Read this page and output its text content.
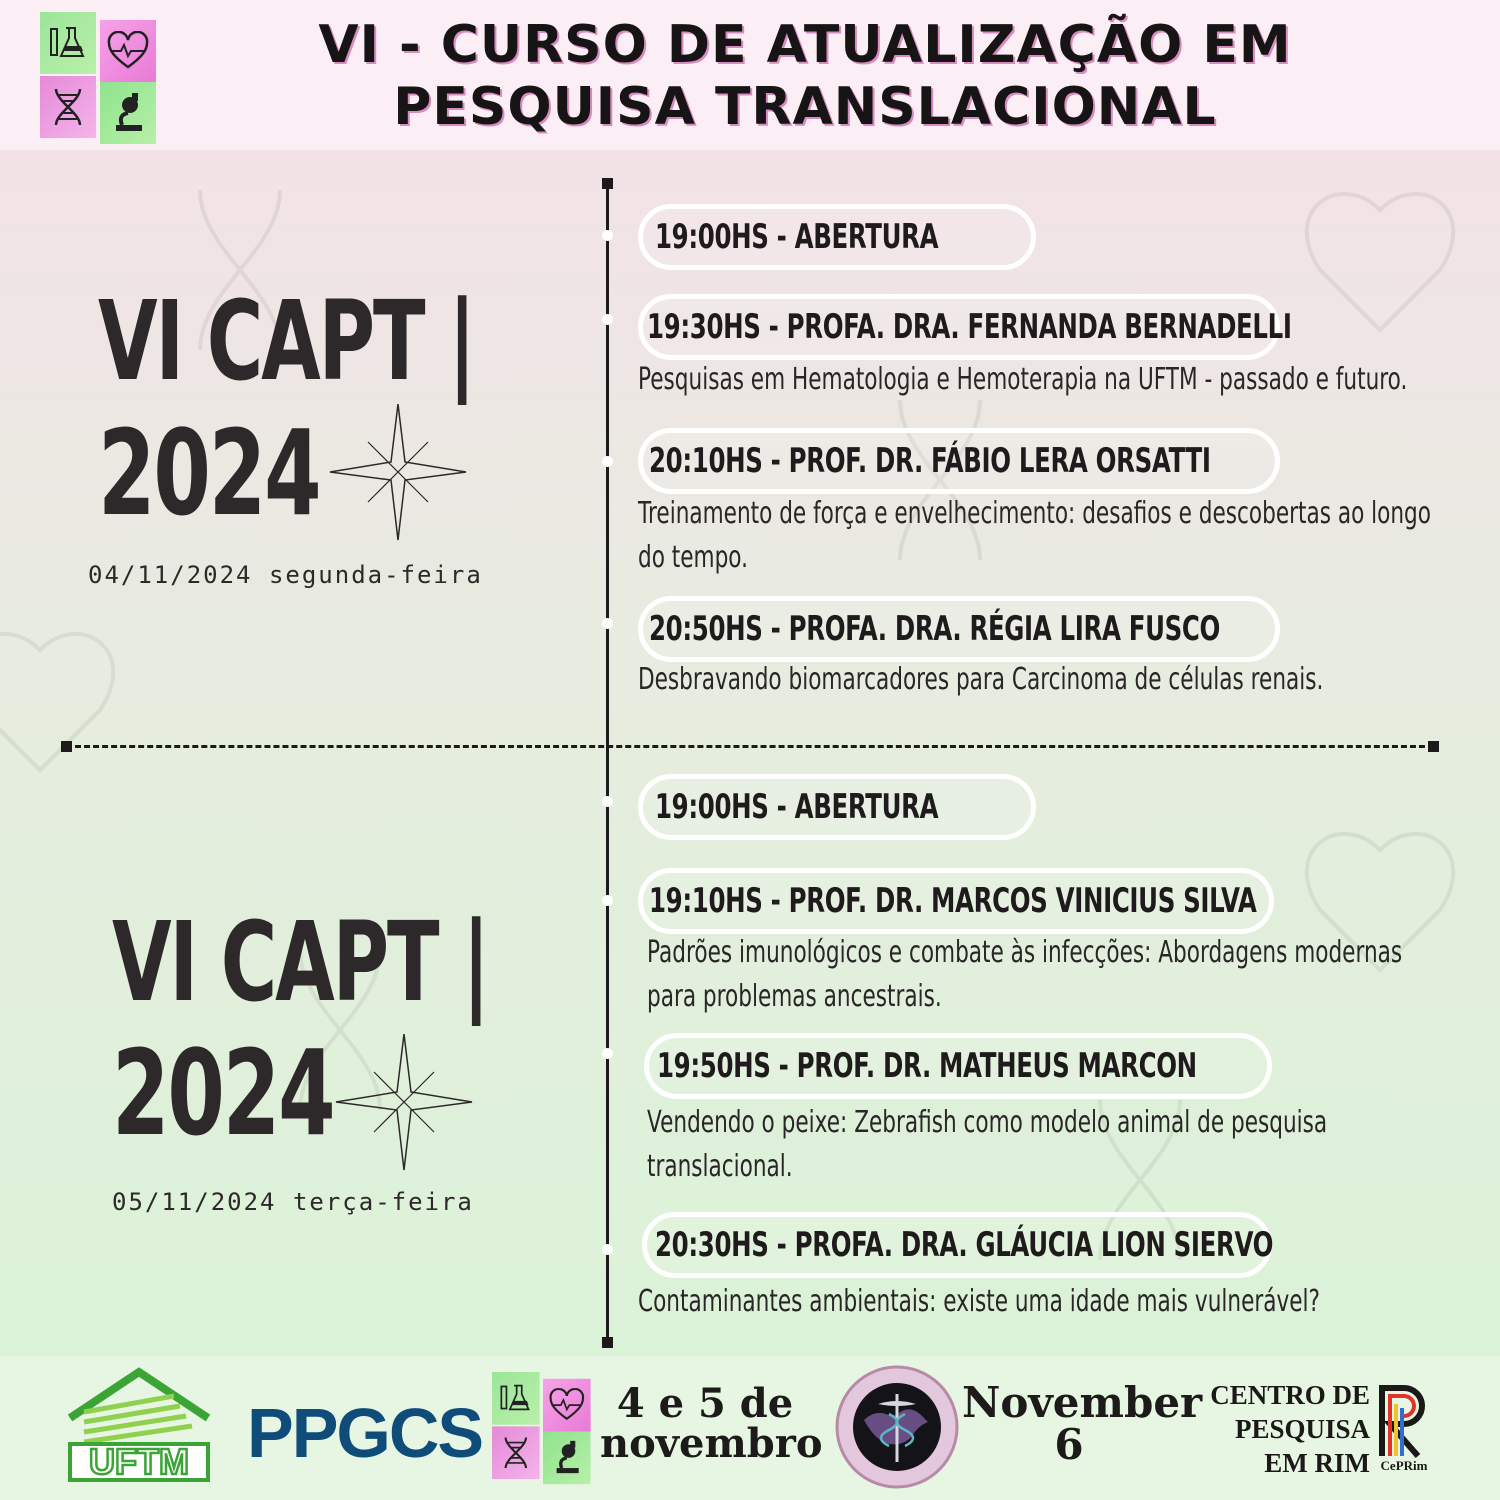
VI - CURSO DE ATUALIZAÇÃO EM
PESQUISA TRANSLACIONAL
VI CAPT |
2024
04/11/2024 segunda-feira
19:00HS - ABERTURA
19:30HS - PROFA. DRA. FERNANDA BERNADELLI
Pesquisas em Hematologia e Hemoterapia na UFTM - passado e futuro.
20:10HS - PROF. DR. FÁBIO LERA ORSATTI
Treinamento de força e envelhecimento: desafios e descobertas ao longo
do tempo.
20:50HS - PROFA. DRA. RÉGIA LIRA FUSCO
Desbravando biomarcadores para Carcinoma de células renais.
VI CAPT |
2024
05/11/2024 terça-feira
19:00HS - ABERTURA
19:10HS - PROF. DR. MARCOS VINICIUS SILVA
Padrões imunológicos e combate às infecções: Abordagens modernas
para problemas ancestrais.
19:50HS - PROF. DR. MATHEUS MARCON
Vendendo o peixe: Zebrafish como modelo animal de pesquisa
translacional.
20:30HS - PROFA. DRA. GLÁUCIA LION SIERVO
Contaminantes ambientais: existe uma idade mais vulnerável?
UFTM PPGCS	4 e 5 de
novembro
November
6
CENTRO DE
PESQUISA
EM RIM CePRim
